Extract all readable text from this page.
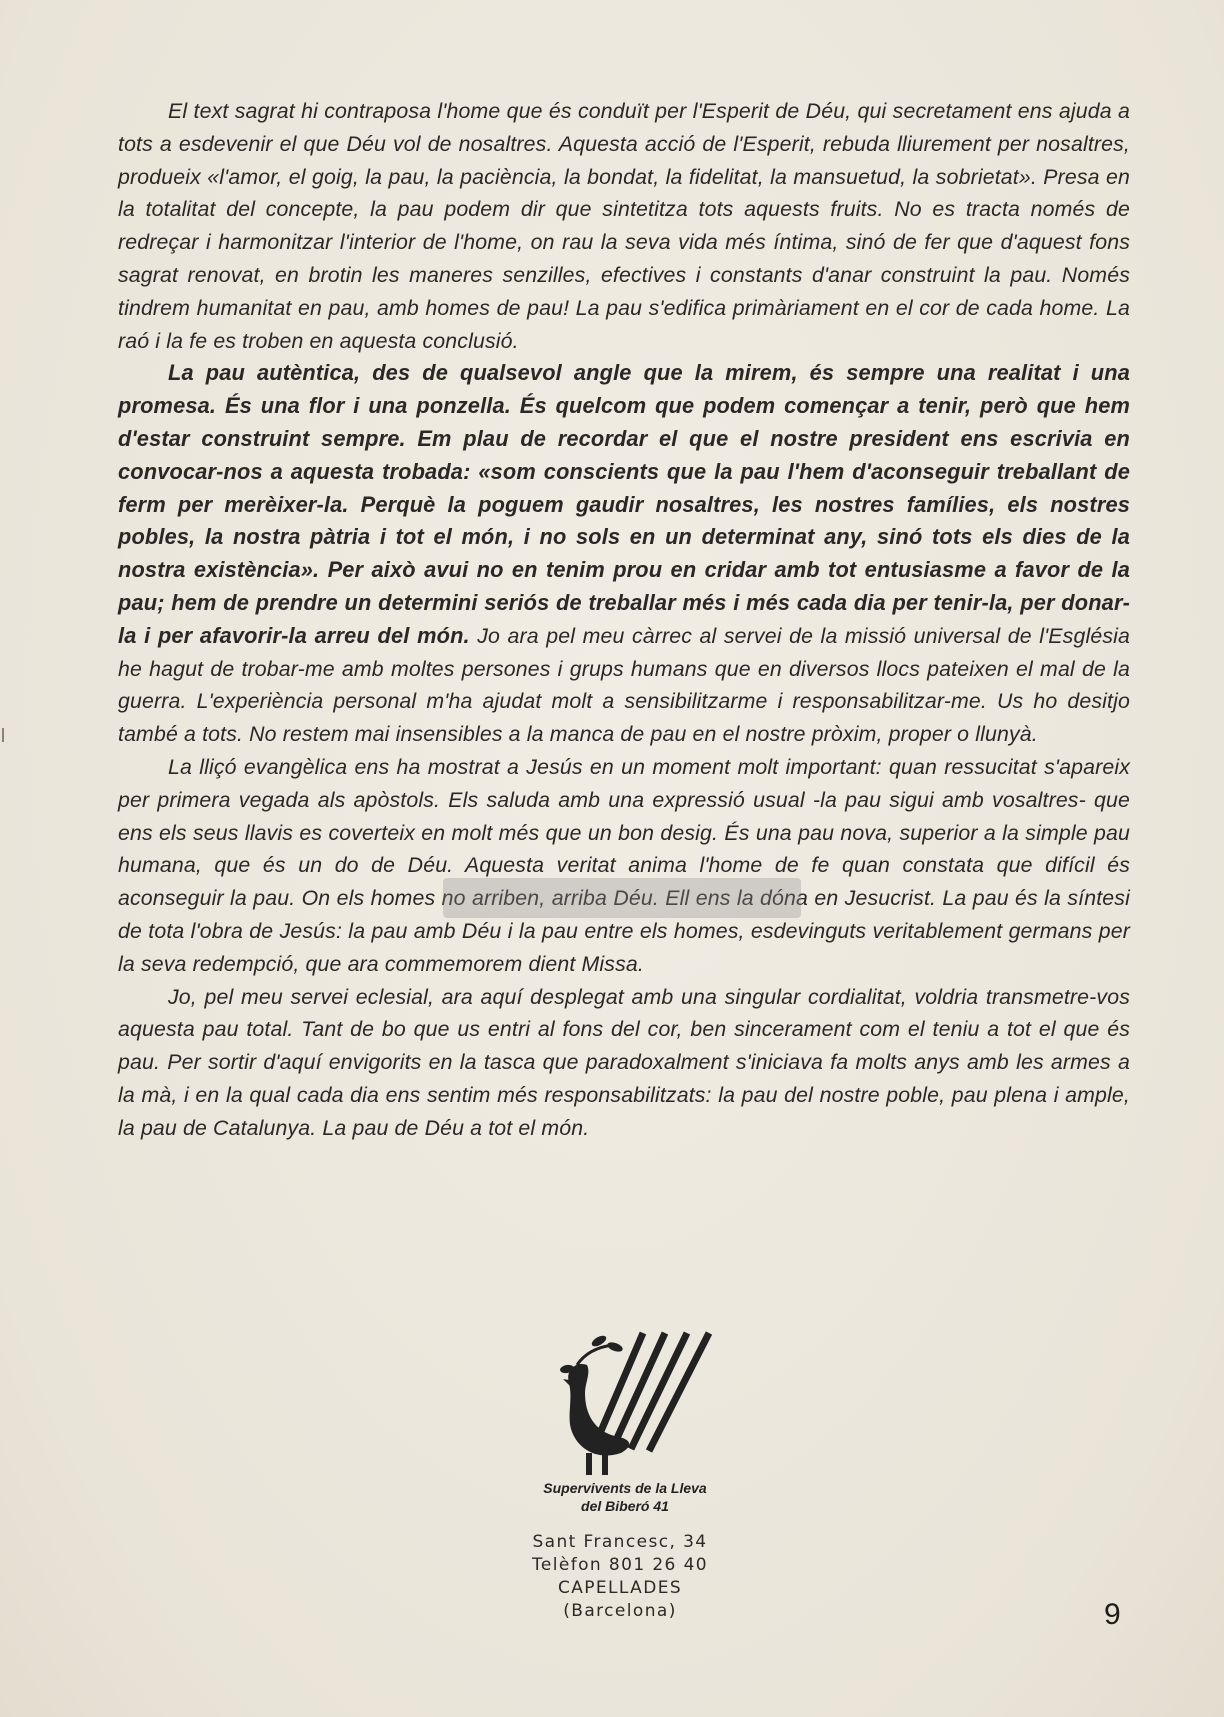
El text sagrat hi contraposa l'home que és conduït per l'Esperit de Déu, qui secretament ens ajuda a tots a esdevenir el que Déu vol de nosaltres. Aquesta acció de l'Esperit, rebuda lliurement per nosaltres, produeix «l'amor, el goig, la pau, la paciència, la bondat, la fidelitat, la mansuetud, la sobrietat». Presa en la totalitat del concepte, la pau podem dir que sintetitza tots aquests fruits. No es tracta només de redreçar i harmonitzar l'interior de l'home, on rau la seva vida més íntima, sinó de fer que d'aquest fons sagrat renovat, en brotin les maneres senzilles, efectives i constants d'anar construint la pau. Només tindrem humanitat en pau, amb homes de pau! La pau s'edifica primàriament en el cor de cada home. La raó i la fe es troben en aquesta conclusió.

La pau autèntica, des de qualsevol angle que la mirem, és sempre una realitat i una promesa. És una flor i una ponzella. És quelcom que podem començar a tenir, però que hem d'estar construint sempre. Em plau de recordar el que el nostre president ens escrivia en convocar-nos a aquesta trobada: «som conscients que la pau l'hem d'aconseguir treballant de ferm per merèixer-la. Perquè la poguem gaudir nosaltres, les nostres famílies, els nostres pobles, la nostra pàtria i tot el món, i no sols en un determinat any, sinó tots els dies de la nostra existència». Per això avui no en tenim prou en cridar amb tot entusiasme a favor de la pau; hem de prendre un determini seriós de treballar més i més cada dia per tenir-la, per donar-la i per afavorir-la arreu del món. Jo ara pel meu càrrec al servei de la missió universal de l'Església he hagut de trobar-me amb moltes persones i grups humans que en diversos llocs pateixen el mal de la guerra. L'experiència personal m'ha ajudat molt a sensibilitzarme i responsabilitzar-me. Us ho desitjo també a tots. No restem mai insensibles a la manca de pau en el nostre pròxim, proper o llunyà.

La lliçó evangèlica ens ha mostrat a Jesús en un moment molt important: quan ressucitat s'apareix per primera vegada als apòstols. Els saluda amb una expressió usual -la pau sigui amb vosaltres- que ens els seus llavis es coverteix en molt més que un bon desig. És una pau nova, superior a la simple pau humana, que és un do de Déu. Aquesta veritat anima l'home de fe quan constata que difícil és aconseguir la pau. On els homes no arriben, arriba Déu. Ell ens la dóna en Jesucrist. La pau és la síntesi de tota l'obra de Jesús: la pau amb Déu i la pau entre els homes, esdevinguts veritablement germans per la seva redempció, que ara commemorem dient Missa.

Jo, pel meu servei eclesial, ara aquí desplegat amb una singular cordialitat, voldria transmetre-vos aquesta pau total. Tant de bo que us entri al fons del cor, ben sincerament com el teniu a tot el que és pau. Per sortir d'aquí envigorits en la tasca que paradoxalment s'iniciava fa molts anys amb les armes a la mà, i en la qual cada dia ens sentim més responsabilitzats: la pau del nostre poble, pau plena i ample, la pau de Catalunya. La pau de Déu a tot el món.

Supervivents de la Lleva
del Biberó 41
Sant Francesc, 34
Telèfon 801 26 40
CAPELLADES
(Barcelona)	9
